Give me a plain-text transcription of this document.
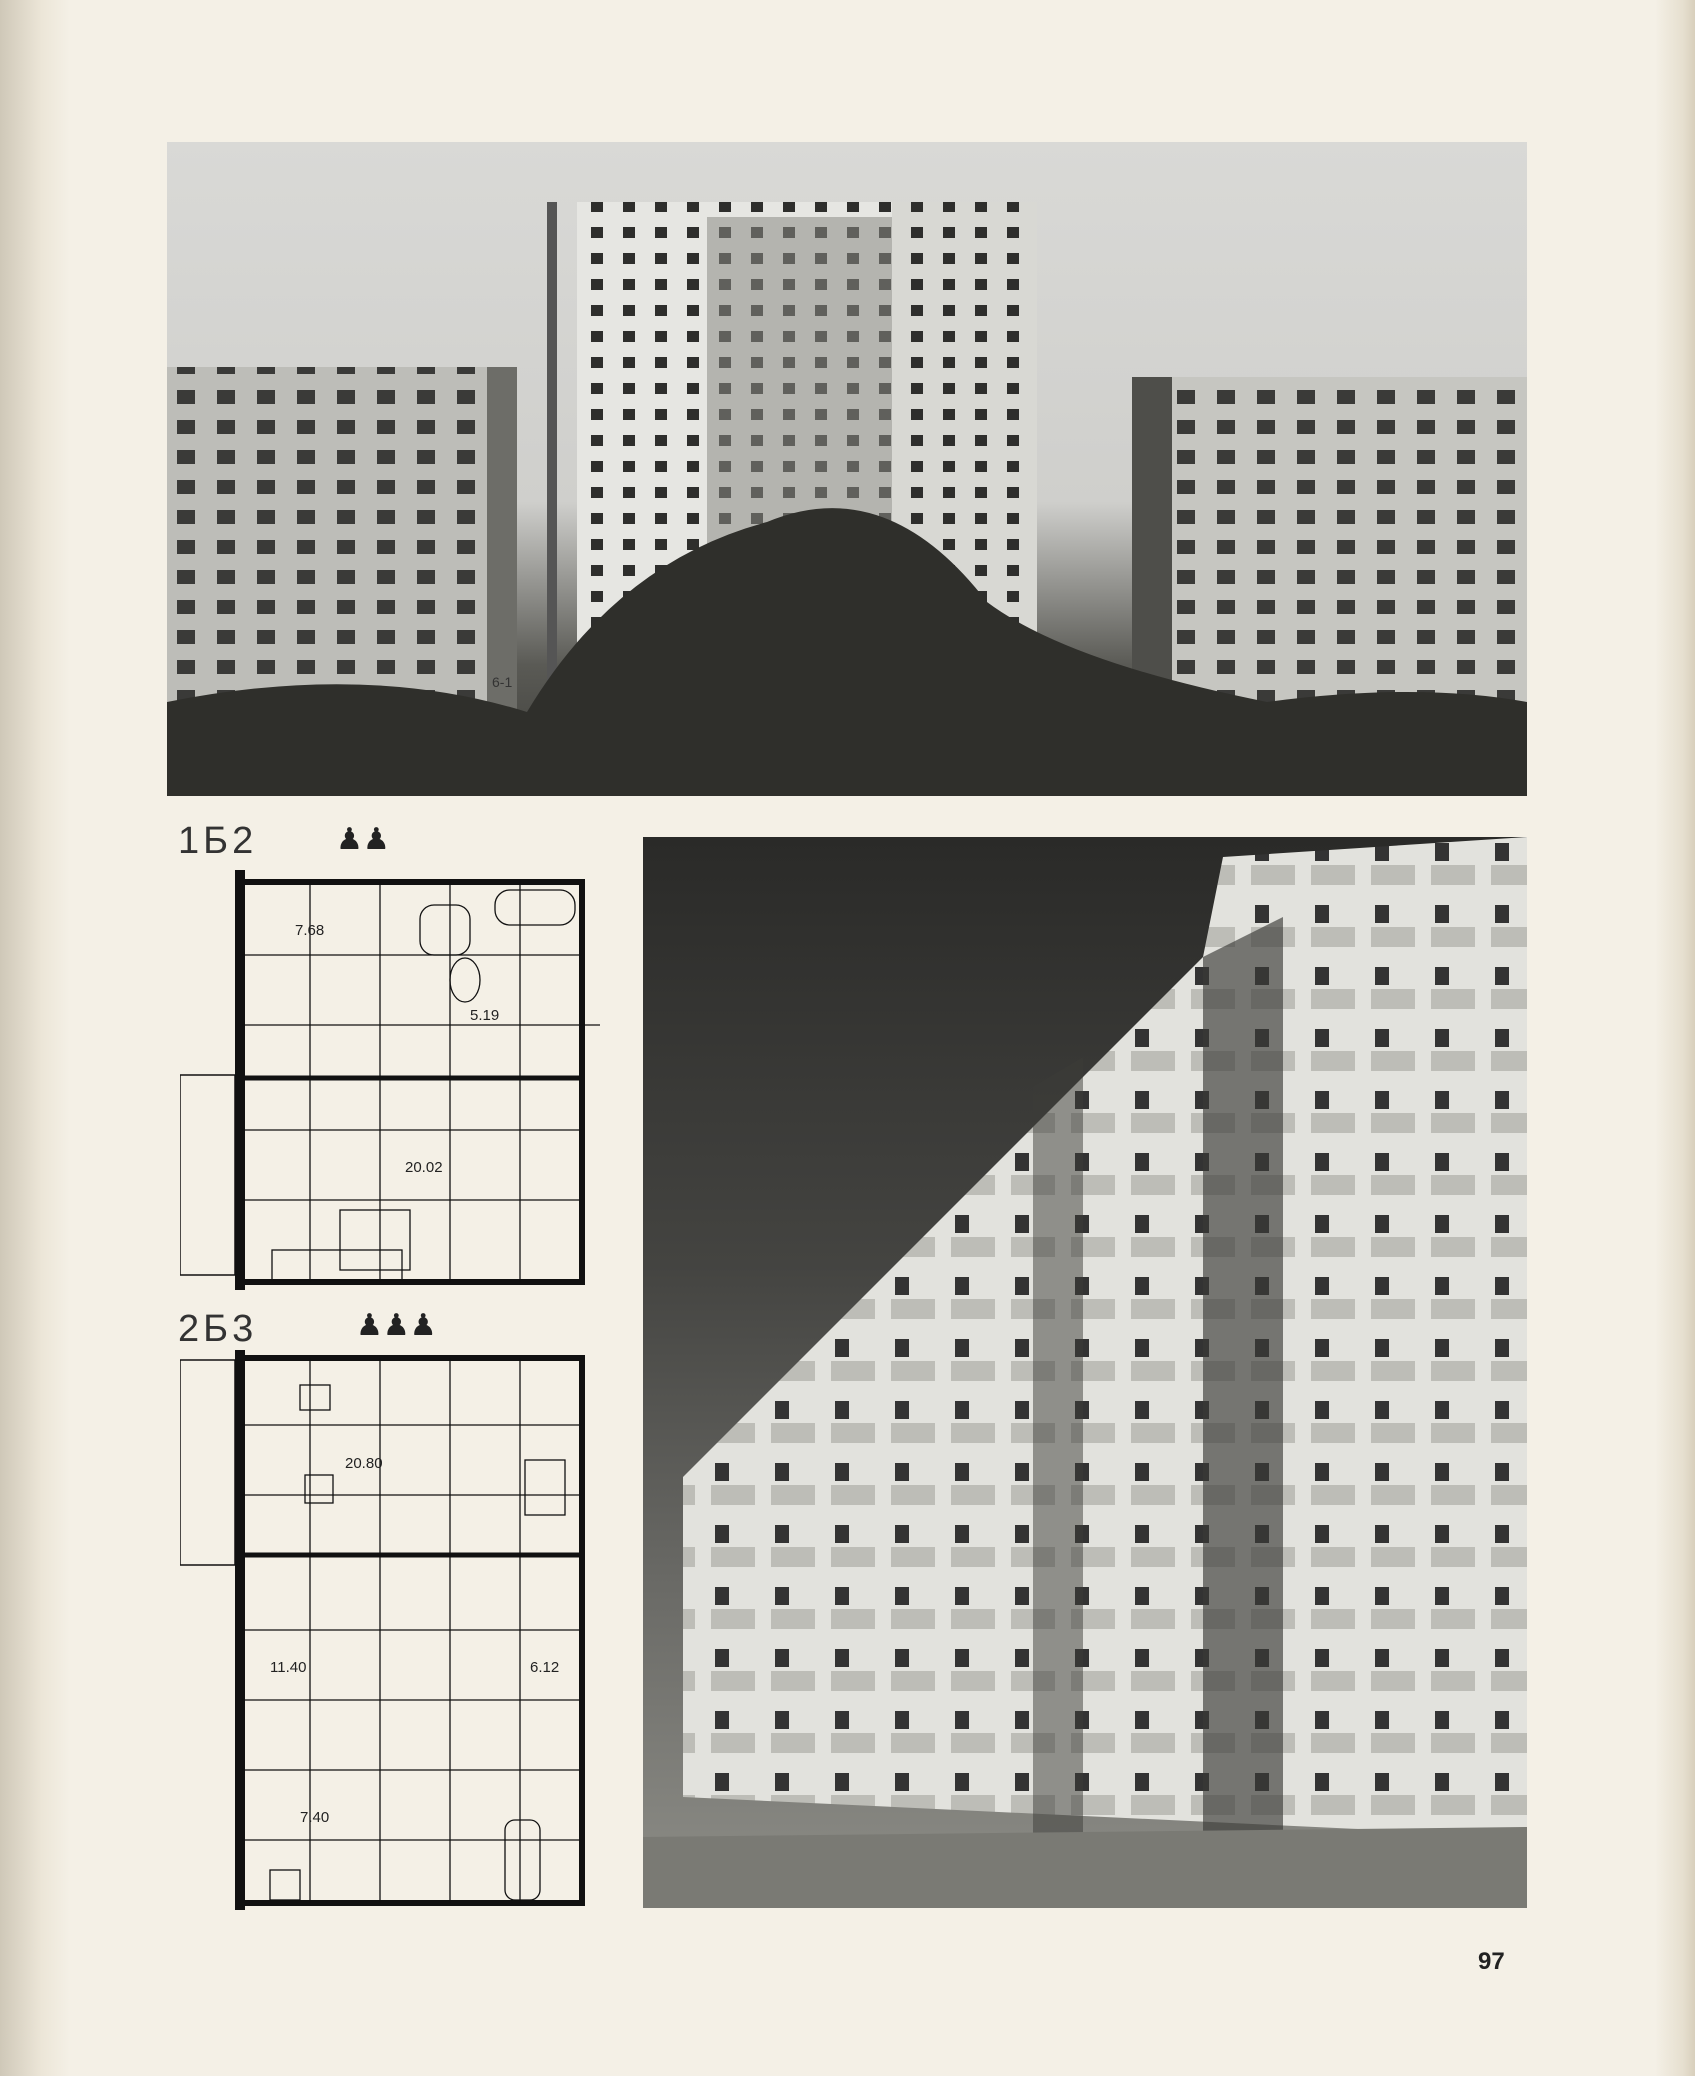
6-1
1Б2	♟♟
7.68
5.19
20.02
2Б3	♟♟♟
20.80
11.40	6.12
7.40
97
